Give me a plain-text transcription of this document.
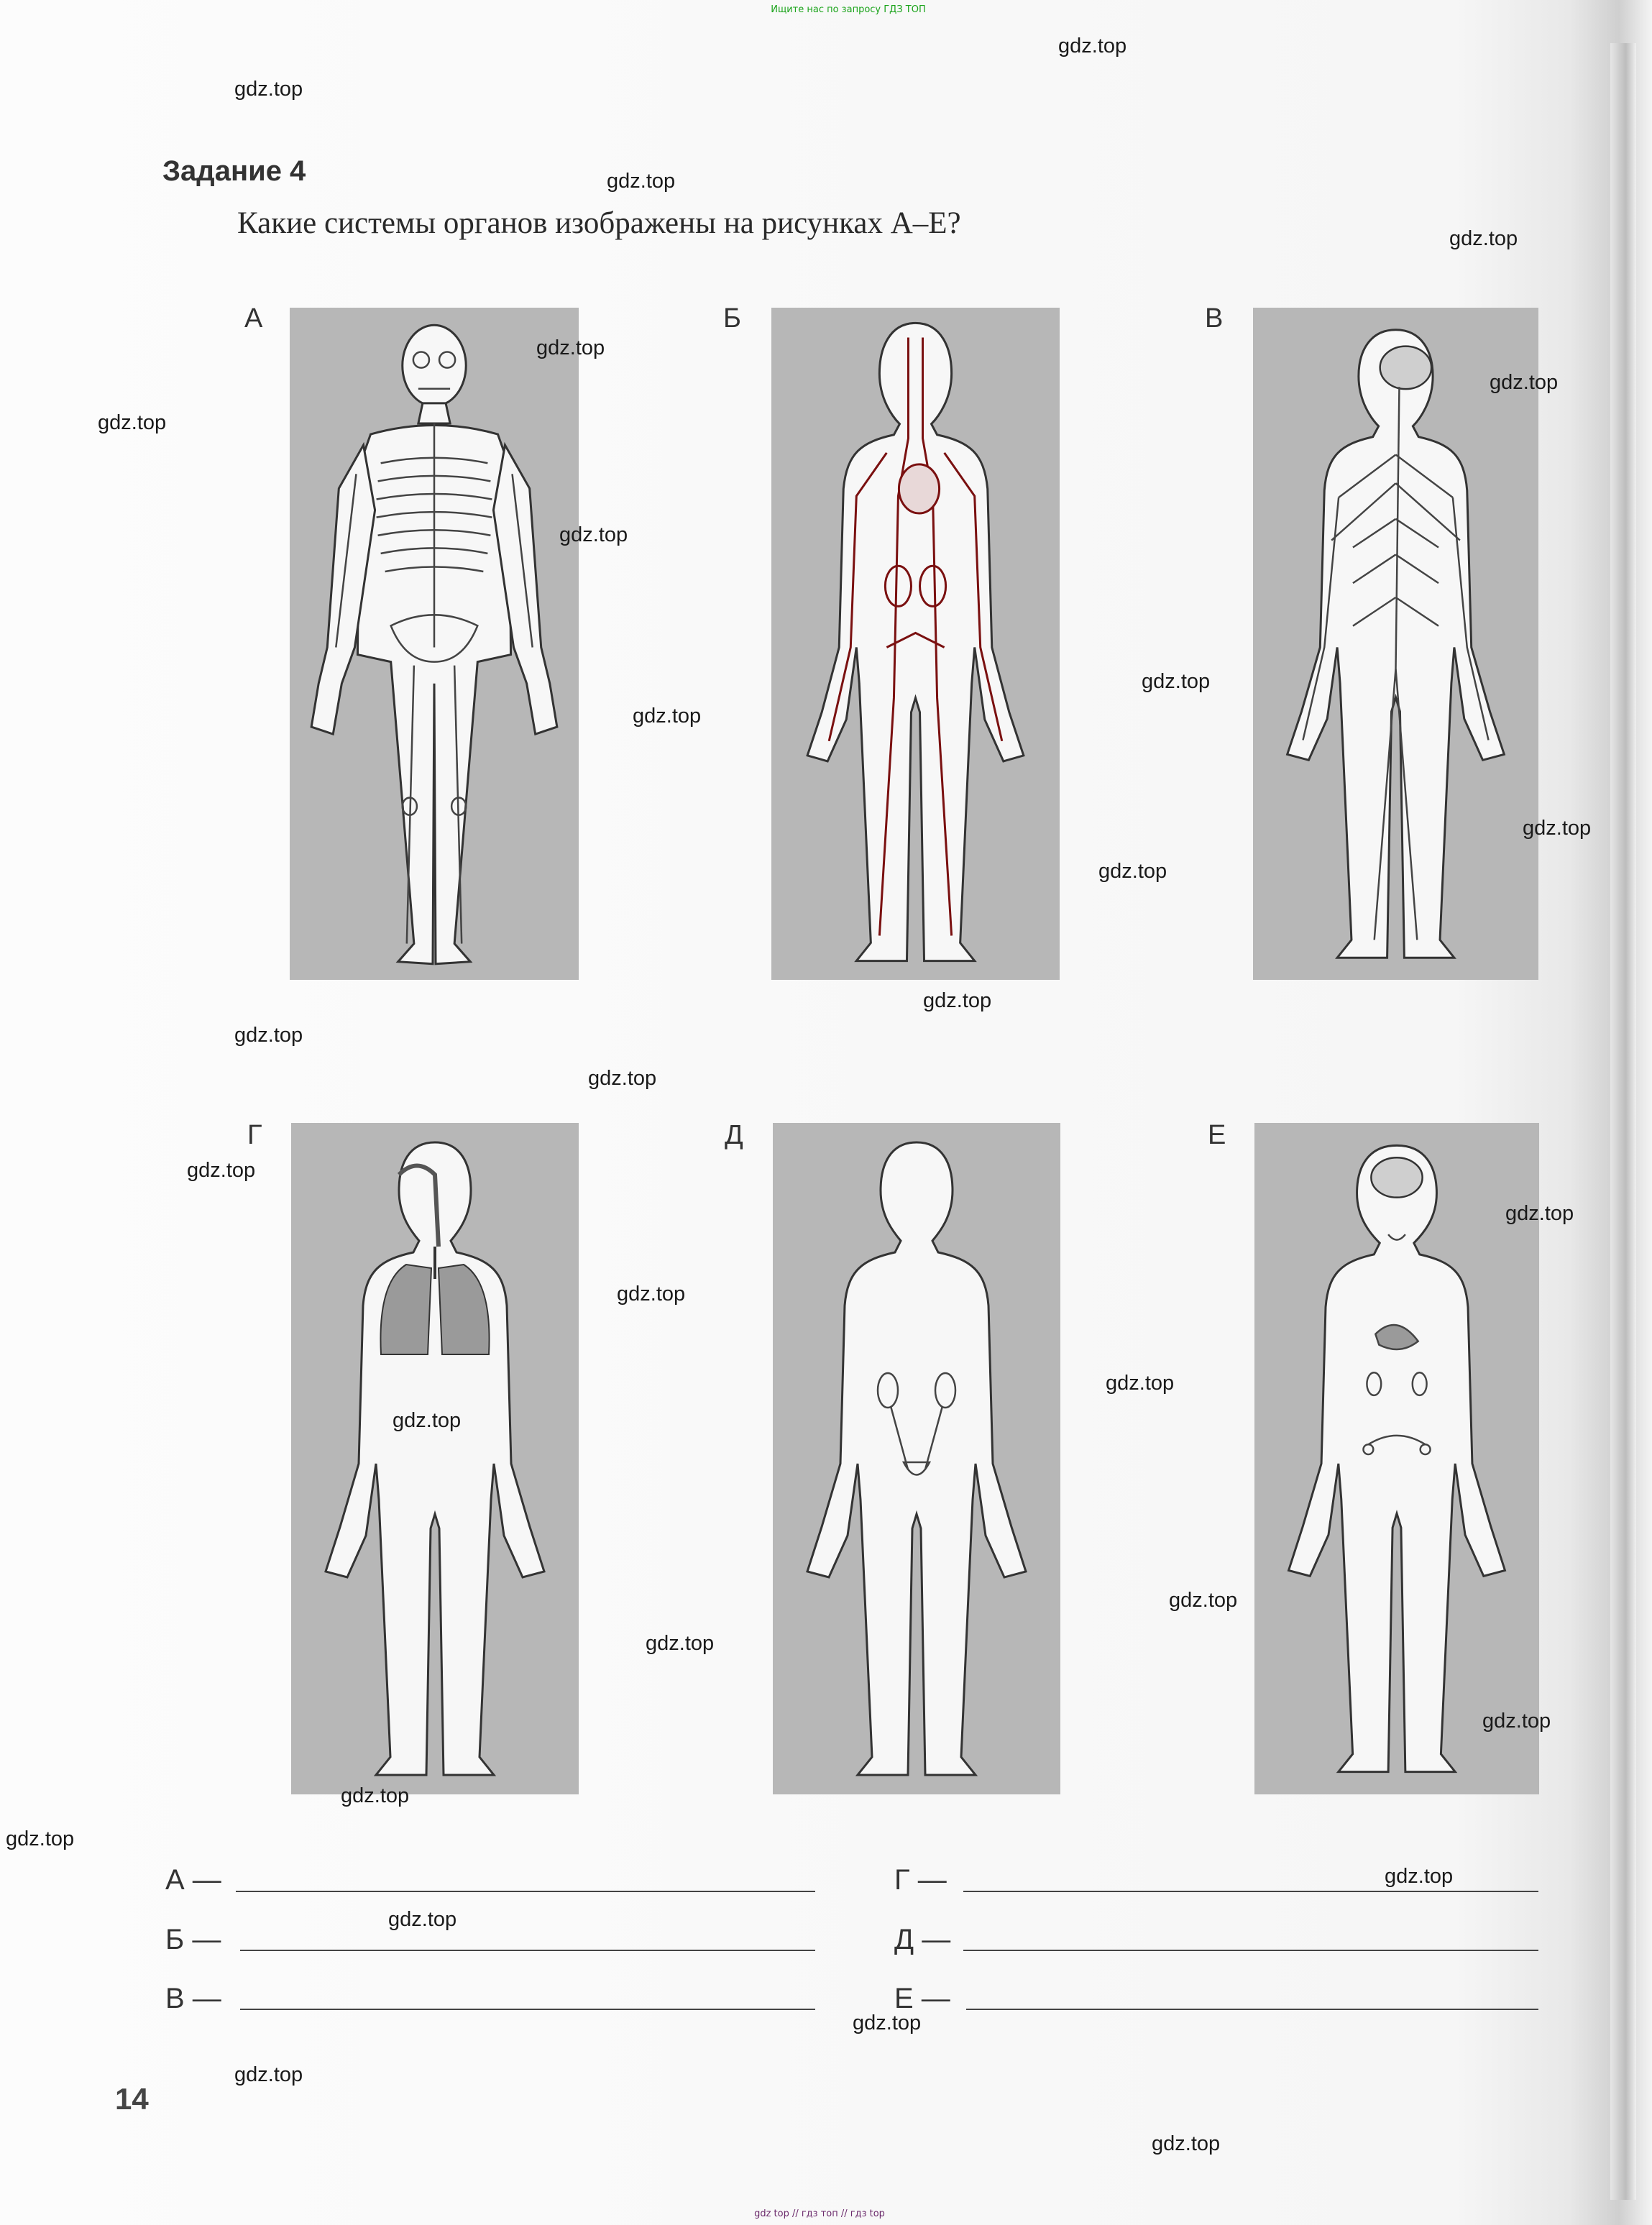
Ищите нас по запросу ГДЗ ТОП
Задание 4
Какие системы органов изображены на рисунках А–Е?
А	Б	В
Г	Д	Е
А —	Г —
Б —	Д —
В —	Е —
14
gdz.top
gdz.top
gdz.top
gdz.top
gdz.top
gdz.top
gdz.top
gdz.top
gdz.top
gdz.top
gdz.top
gdz.top
gdz.top
gdz.top
gdz.top
gdz.top
gdz.top
gdz.top
gdz.top
gdz.top
gdz.top
gdz.top
gdz.top
gdz.top
gdz.top
gdz.top
gdz.top
gdz.top
gdz.top
gdz.top
gdz top // гдз топ // гдз top
